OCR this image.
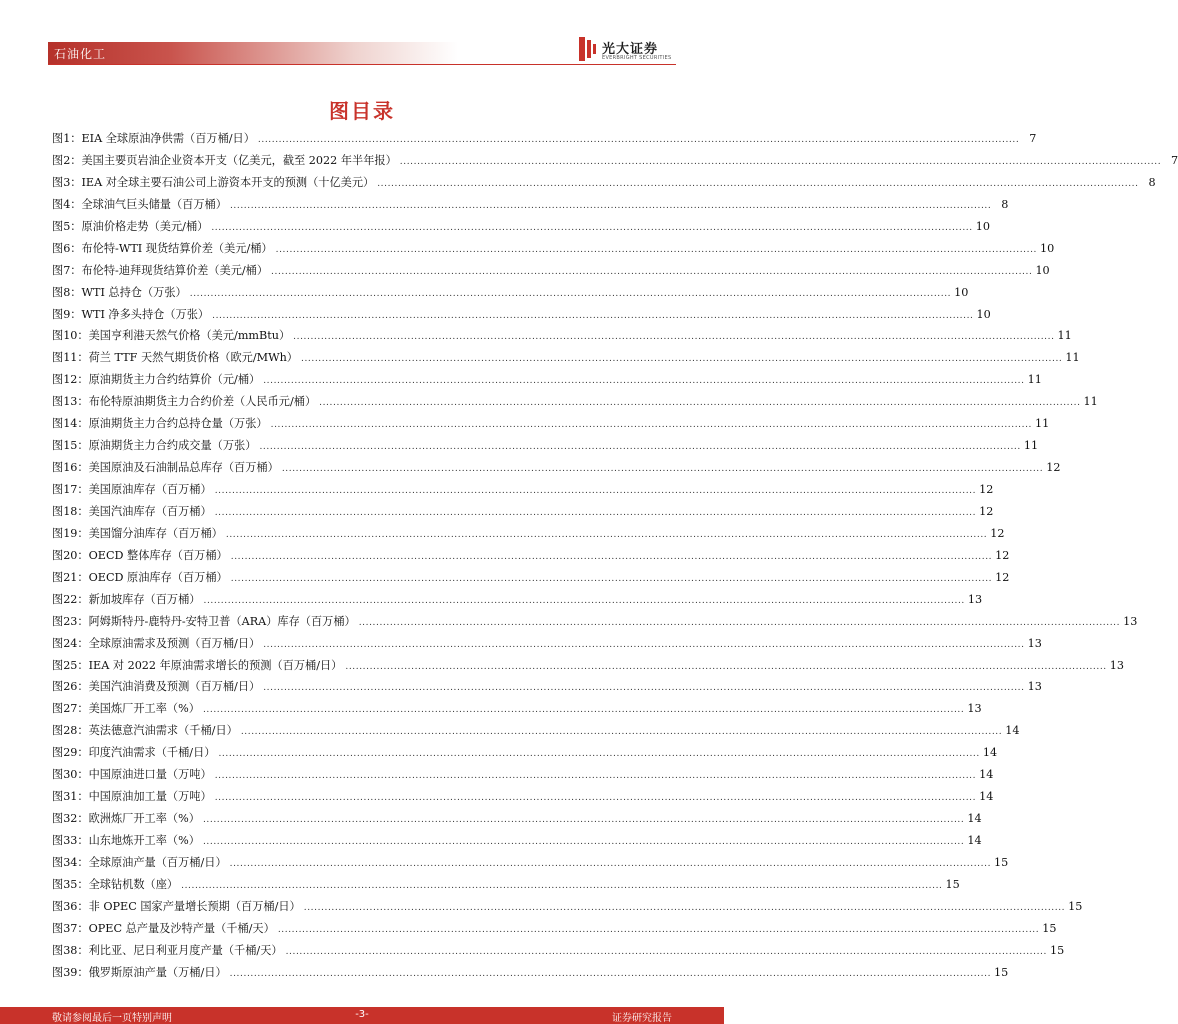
石油化工	光大证券
EVERBRIGHT SECURITIES
图目录
图1：EIA 全球原油净供需（百万桶/日） ............................................................................................................................................................................................................................ 7
图2：美国主要页岩油企业资本开支（亿美元，截至 2022 年半年报） ............................................................................................................................................................................................................................ 7
图3：IEA 对全球主要石油公司上游资本开支的预测（十亿美元） ............................................................................................................................................................................................................................ 8
图4：全球油气巨头储量（百万桶） ............................................................................................................................................................................................................................ 8
图5：原油价格走势（美元/桶） ............................................................................................................................................................................................................................ 10
图6：布伦特-WTI 现货结算价差（美元/桶） ............................................................................................................................................................................................................................ 10
图7：布伦特-迪拜现货结算价差（美元/桶） ............................................................................................................................................................................................................................ 10
图8：WTI 总持仓（万张） ............................................................................................................................................................................................................................ 10
图9：WTI 净多头持仓（万张） ............................................................................................................................................................................................................................ 10
图10：美国亨利港天然气价格（美元/mmBtu） ............................................................................................................................................................................................................................ 11
图11：荷兰 TTF 天然气期货价格（欧元/MWh） ............................................................................................................................................................................................................................ 11
图12：原油期货主力合约结算价（元/桶） ............................................................................................................................................................................................................................ 11
图13：布伦特原油期货主力合约价差（人民币元/桶） ............................................................................................................................................................................................................................ 11
图14：原油期货主力合约总持仓量（万张） ............................................................................................................................................................................................................................ 11
图15：原油期货主力合约成交量（万张） ............................................................................................................................................................................................................................ 11
图16：美国原油及石油制品总库存（百万桶） ............................................................................................................................................................................................................................ 12
图17：美国原油库存（百万桶） ............................................................................................................................................................................................................................ 12
图18：美国汽油库存（百万桶） ............................................................................................................................................................................................................................ 12
图19：美国馏分油库存（百万桶） ............................................................................................................................................................................................................................ 12
图20：OECD 整体库存（百万桶） ............................................................................................................................................................................................................................ 12
图21：OECD 原油库存（百万桶） ............................................................................................................................................................................................................................ 12
图22：新加坡库存（百万桶） ............................................................................................................................................................................................................................ 13
图23：阿姆斯特丹-鹿特丹-安特卫普（ARA）库存（百万桶） ............................................................................................................................................................................................................................ 13
图24：全球原油需求及预测（百万桶/日） ............................................................................................................................................................................................................................ 13
图25：IEA 对 2022 年原油需求增长的预测（百万桶/日） ............................................................................................................................................................................................................................ 13
图26：美国汽油消费及预测（百万桶/日） ............................................................................................................................................................................................................................ 13
图27：美国炼厂开工率（%） ............................................................................................................................................................................................................................ 13
图28：英法德意汽油需求（千桶/日） ............................................................................................................................................................................................................................ 14
图29：印度汽油需求（千桶/日） ............................................................................................................................................................................................................................ 14
图30：中国原油进口量（万吨） ............................................................................................................................................................................................................................ 14
图31：中国原油加工量（万吨） ............................................................................................................................................................................................................................ 14
图32：欧洲炼厂开工率（%） ............................................................................................................................................................................................................................ 14
图33：山东地炼开工率（%） ............................................................................................................................................................................................................................ 14
图34：全球原油产量（百万桶/日） ............................................................................................................................................................................................................................ 15
图35：全球钻机数（座） ............................................................................................................................................................................................................................ 15
图36：非 OPEC 国家产量增长预期（百万桶/日） ............................................................................................................................................................................................................................ 15
图37：OPEC 总产量及沙特产量（千桶/天） ............................................................................................................................................................................................................................ 15
图38：利比亚、尼日利亚月度产量（千桶/天） ............................................................................................................................................................................................................................ 15
图39：俄罗斯原油产量（万桶/日） ............................................................................................................................................................................................................................ 15
敬请参阅最后一页特别声明	-3-	证券研究报告
